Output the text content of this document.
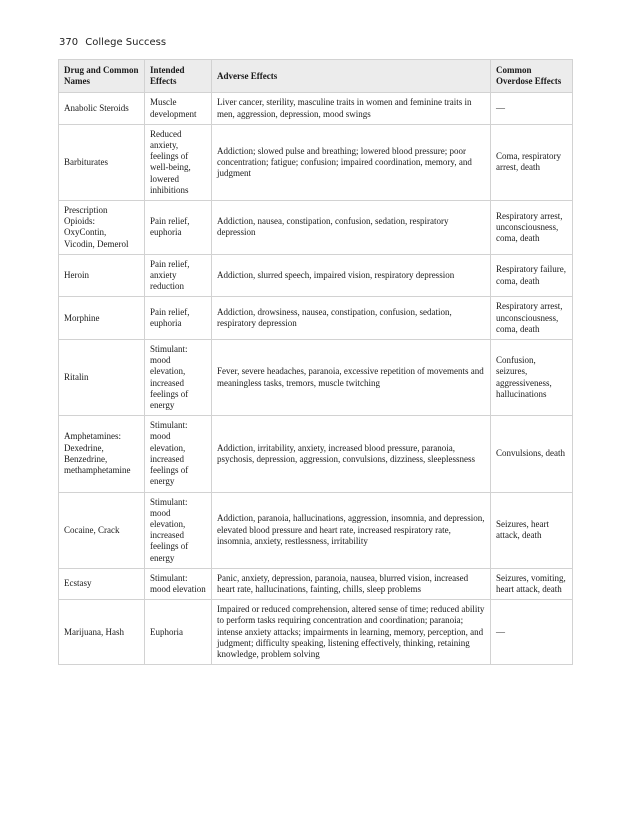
370 College Success
Drug and Common Names	Intended Effects	Adverse Effects	Common Overdose Effects
Anabolic Steroids	Muscle development	Liver cancer, sterility, masculine traits in women and feminine traits in men, aggression, depression, mood swings	—
Barbiturates	Reduced anxiety, feelings of well-being, lowered inhibitions	Addiction; slowed pulse and breathing; lowered blood pressure; poor concentration; fatigue; confusion; impaired coordination, memory, and judgment	Coma, respiratory arrest, death
Prescription Opioids: OxyContin, Vicodin, Demerol	Pain relief, euphoria	Addiction, nausea, constipation, confusion, sedation, respiratory depression	Respiratory arrest, unconsciousness, coma, death
Heroin	Pain relief, anxiety reduction	Addiction, slurred speech, impaired vision, respiratory depression	Respiratory failure, coma, death
Morphine	Pain relief, euphoria	Addiction, drowsiness, nausea, constipation, confusion, sedation, respiratory depression	Respiratory arrest, unconsciousness, coma, death
Ritalin	Stimulant: mood elevation, increased feelings of energy	Fever, severe headaches, paranoia, excessive repetition of movements and meaningless tasks, tremors, muscle twitching	Confusion, seizures, aggressiveness, hallucinations
Amphetamines: Dexedrine, Benzedrine, methamphetamine	Stimulant: mood elevation, increased feelings of energy	Addiction, irritability, anxiety, increased blood pressure, paranoia, psychosis, depression, aggression, convulsions, dizziness, sleeplessness	Convulsions, death
Cocaine, Crack	Stimulant: mood elevation, increased feelings of energy	Addiction, paranoia, hallucinations, aggression, insomnia, and depression, elevated blood pressure and heart rate, increased respiratory rate, insomnia, anxiety, restlessness, irritability	Seizures, heart attack, death
Ecstasy	Stimulant: mood elevation	Panic, anxiety, depression, paranoia, nausea, blurred vision, increased heart rate, hallucinations, fainting, chills, sleep problems	Seizures, vomiting, heart attack, death
Marijuana, Hash	Euphoria	Impaired or reduced comprehension, altered sense of time; reduced ability to perform tasks requiring concentration and coordination; paranoia; intense anxiety attacks; impairments in learning, memory, perception, and judgment; difficulty speaking, listening effectively, thinking, retaining knowledge, problem solving	—
